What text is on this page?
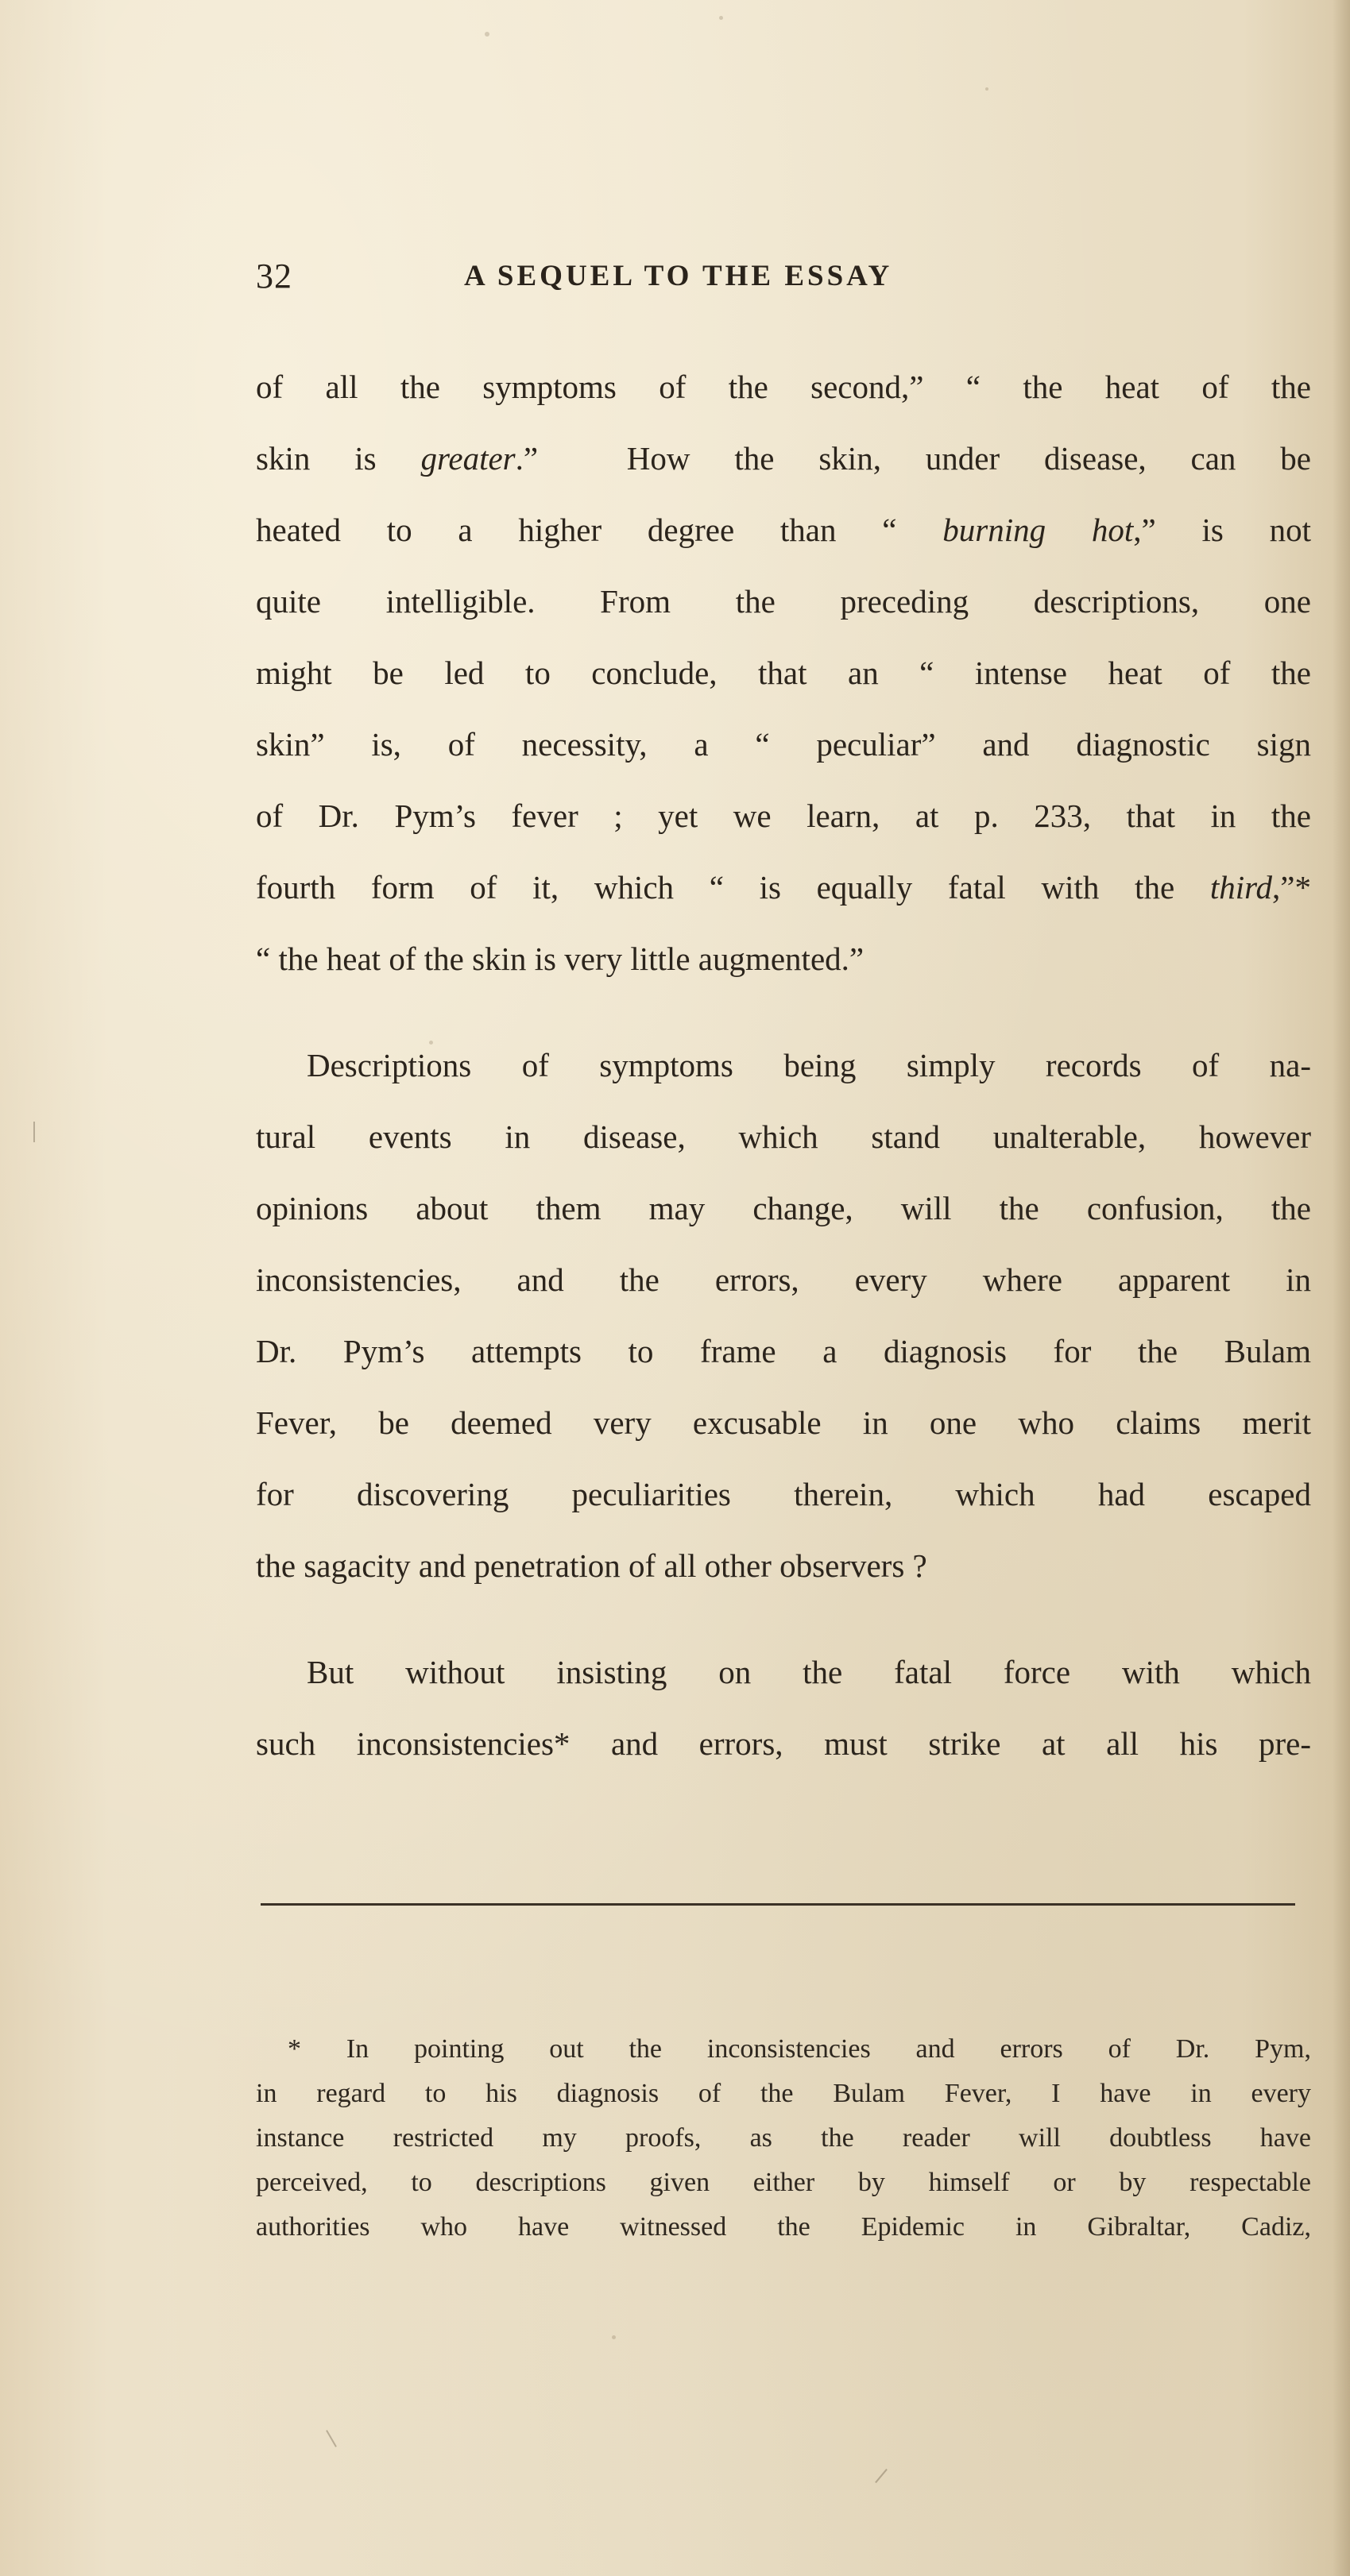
32	A SEQUEL TO THE ESSAY
of all the symptoms of the second,” “ the heat of the
skin is greater.”  How the skin, under disease, can be
heated to a higher degree than “ burning hot,” is not
quite intelligible. From the preceding descriptions, one
might be led to conclude, that an “ intense heat of the
skin” is, of necessity, a “ peculiar” and diagnostic sign
of Dr. Pym’s fever ; yet we learn, at p. 233, that in the
fourth form of it, which “ is equally fatal with the third,”*
“ the heat of the skin is very little augmented.”
Descriptions of symptoms being simply records of na-
tural events in disease, which stand unalterable, however
opinions about them may change, will the confusion, the
inconsistencies, and the errors, every where apparent in
Dr. Pym’s attempts to frame a diagnosis for the Bulam
Fever, be deemed very excusable in one who claims merit
for discovering peculiarities therein, which had escaped
the sagacity and penetration of all other observers ?
But without insisting on the fatal force with which
such inconsistencies* and errors, must strike at all his pre-
* In pointing out the inconsistencies and errors of Dr. Pym,
in regard to his diagnosis of the Bulam Fever, I have in every
instance restricted my proofs, as the reader will doubtless have
perceived, to descriptions given either by himself or by respectable
authorities who have witnessed the Epidemic in Gibraltar, Cadiz,
